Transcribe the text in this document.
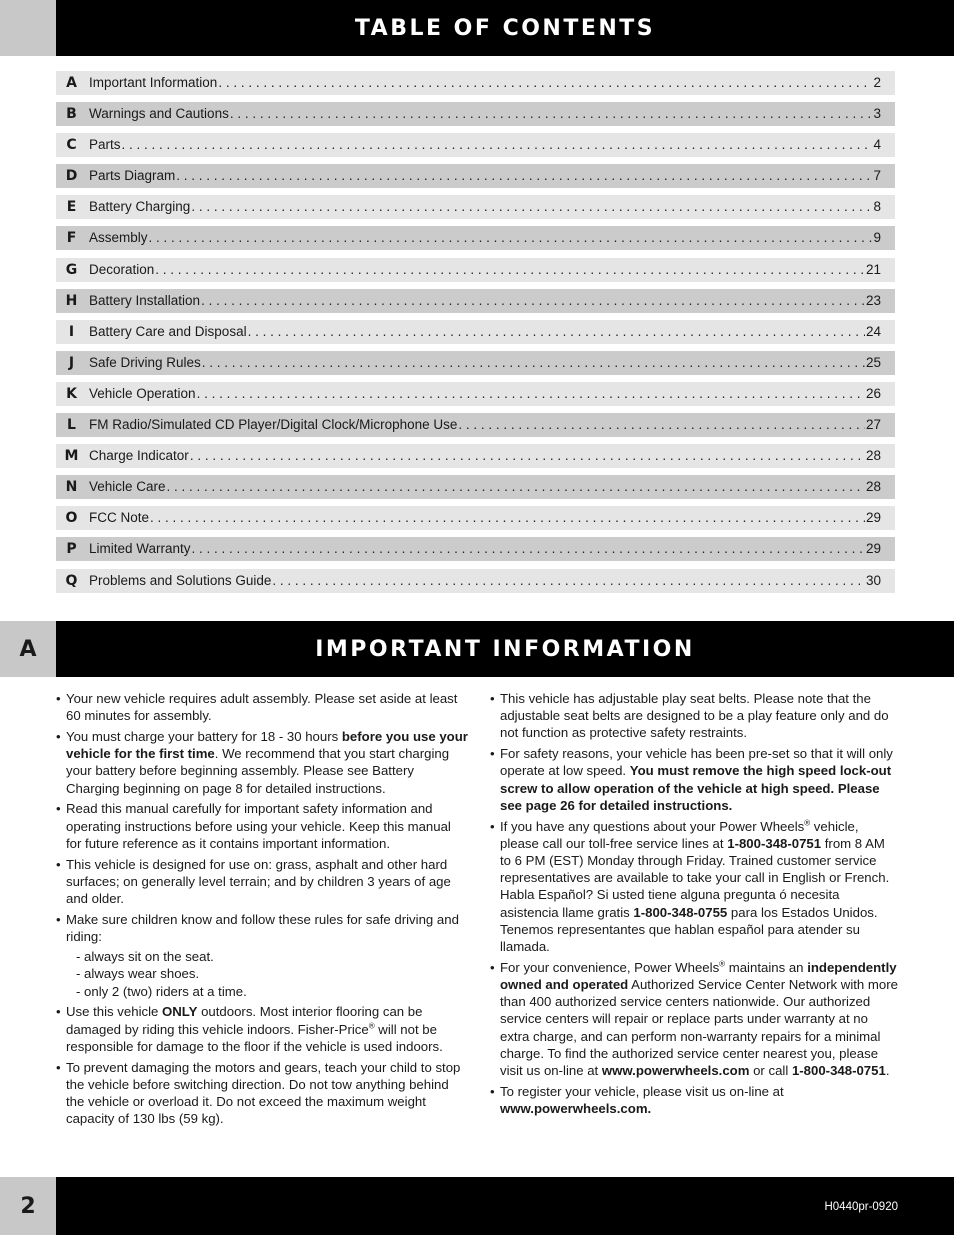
TABLE OF CONTENTS
A Important Information . . .	2
B Warnings and Cautions . . .	3
C Parts . . .	4
D Parts Diagram . . .	7
E Battery Charging . . .	8
F Assembly . . .	9
G Decoration . . .	21
H Battery Installation . . .	23
I	Battery Care and Disposal . . .	24
J	Safe Driving Rules . . .	25
K Vehicle Operation . . .	26
L FM Radio/Simulated CD Player/Digital Clock/Microphone Use . . .	27
M Charge Indicator . . .	28
N Vehicle Care . . .	28
O FCC Note . . .	29
P Limited Warranty . . .	29
Q Problems and Solutions Guide . . .	30
A	IMPORTANT INFORMATION
• Your new vehicle requires adult assembly. Please set aside at least 60 minutes for assembly.
• You must charge your battery for 18 - 30 hours before you use your vehicle for the first time. We recommend that you start charging your battery before beginning assembly. Please see Battery Charging beginning on page 8 for detailed instructions.
• Read this manual carefully for important safety information and operating instructions before using your vehicle. Keep this manual for future reference as it contains important information.
• This vehicle is designed for use on: grass, asphalt and other hard surfaces; on generally level terrain; and by children 3 years of age and older.
• Make sure children know and follow these rules for safe driving and riding:
- always sit on the seat.
- always wear shoes.
- only 2 (two) riders at a time.
• Use this vehicle ONLY outdoors. Most interior flooring can be damaged by riding this vehicle indoors. Fisher-Price® will not be responsible for damage to the floor if the vehicle is used indoors.
• To prevent damaging the motors and gears, teach your child to stop the vehicle before switching direction. Do not tow anything behind the vehicle or overload it. Do not exceed the maximum weight capacity of 130 lbs (59 kg).
• This vehicle has adjustable play seat belts. Please note that the adjustable seat belts are designed to be a play feature only and do not function as protective safety restraints.
• For safety reasons, your vehicle has been pre-set so that it will only operate at low speed. You must remove the high speed lock-out screw to allow operation of the vehicle at high speed. Please see page 26 for detailed instructions.
• If you have any questions about your Power Wheels® vehicle, please call our toll-free service lines at 1-800-348-0751 from 8 AM to 6 PM (EST) Monday through Friday. Trained customer service representatives are available to take your call in English or French. Habla Español? Si usted tiene alguna pregunta ó necesita asistencia llame gratis 1-800-348-0755 para los Estados Unidos. Tenemos representantes que hablan español para atender su llamada.
• For your convenience, Power Wheels® maintains an independently owned and operated Authorized Service Center Network with more than 400 authorized service centers nationwide. Our authorized service centers will repair or replace parts under warranty at no extra charge, and can perform non-warranty repairs for a minimal charge. To find the authorized service center nearest you, please visit us on-line at www.powerwheels.com or call 1-800-348-0751.
• To register your vehicle, please visit us on-line at www.powerwheels.com.
2	H0440pr-0920
